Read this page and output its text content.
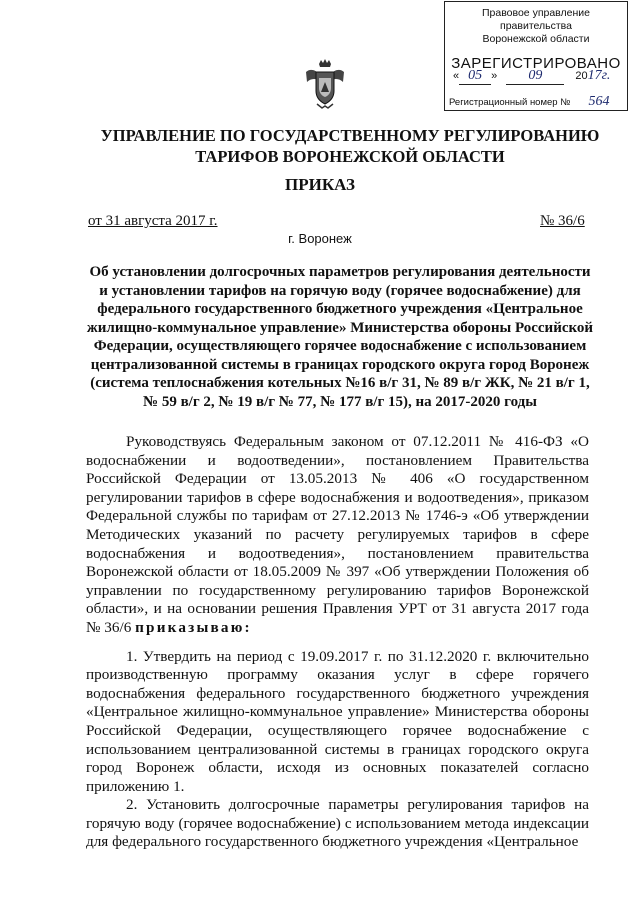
Правовое управление правительства
Воронежской области
ЗАРЕГИСТРИРОВАНО
« 05 » 09	2017г.
Регистрационный номер № 564
УПРАВЛЕНИЕ ПО ГОСУДАРСТВЕННОМУ РЕГУЛИРОВАНИЮ ТАРИФОВ ВОРОНЕЖСКОЙ ОБЛАСТИ
ПРИКАЗ
от 31 августа 2017 г.	№ 36/6
г. Воронеж
Об установлении долгосрочных параметров регулирования деятельности и установлении тарифов на горячую воду (горячее водоснабжение) для федерального государственного бюджетного учреждения «Центральное жилищно-коммунальное управление» Министерства обороны Российской Федерации, осуществляющего горячее водоснабжение с использованием централизованной системы в границах городского округа город Воронеж (система теплоснабжения котельных №16 в/г 31, № 89 в/г ЖК, № 21 в/г 1, № 59 в/г 2, № 19 в/г № 77, № 177 в/г 15), на 2017-2020 годы

Руководствуясь Федеральным законом от 07.12.2011 № 416-ФЗ «О водоснабжении и водоотведении», постановлением Правительства Российской Федерации от 13.05.2013 № 406 «О государственном регулировании тарифов в сфере водоснабжения и водоотведения», приказом Федеральной службы по тарифам от 27.12.2013 № 1746-э «Об утверждении Методических указаний по расчету регулируемых тарифов в сфере водоснабжения и водоотведения», постановлением правительства Воронежской области от 18.05.2009 № 397 «Об утверждении Положения об управлении по государственному регулированию тарифов Воронежской области», и на основании решения Правления УРТ от 31 августа 2017 года № 36/6 приказываю:

1. Утвердить на период с 19.09.2017 г. по 31.12.2020 г. включительно производственную программу оказания услуг в сфере горячего водоснабжения федерального государственного бюджетного учреждения «Центральное жилищно-коммунальное управление» Министерства обороны Российской Федерации, осуществляющего горячее водоснабжение с использованием централизованной системы в границах городского округа город Воронеж области, исходя из основных показателей согласно приложению 1.

2. Установить долгосрочные параметры регулирования тарифов на горячую воду (горячее водоснабжение) с использованием метода индексации для федерального государственного бюджетного учреждения «Центральное
